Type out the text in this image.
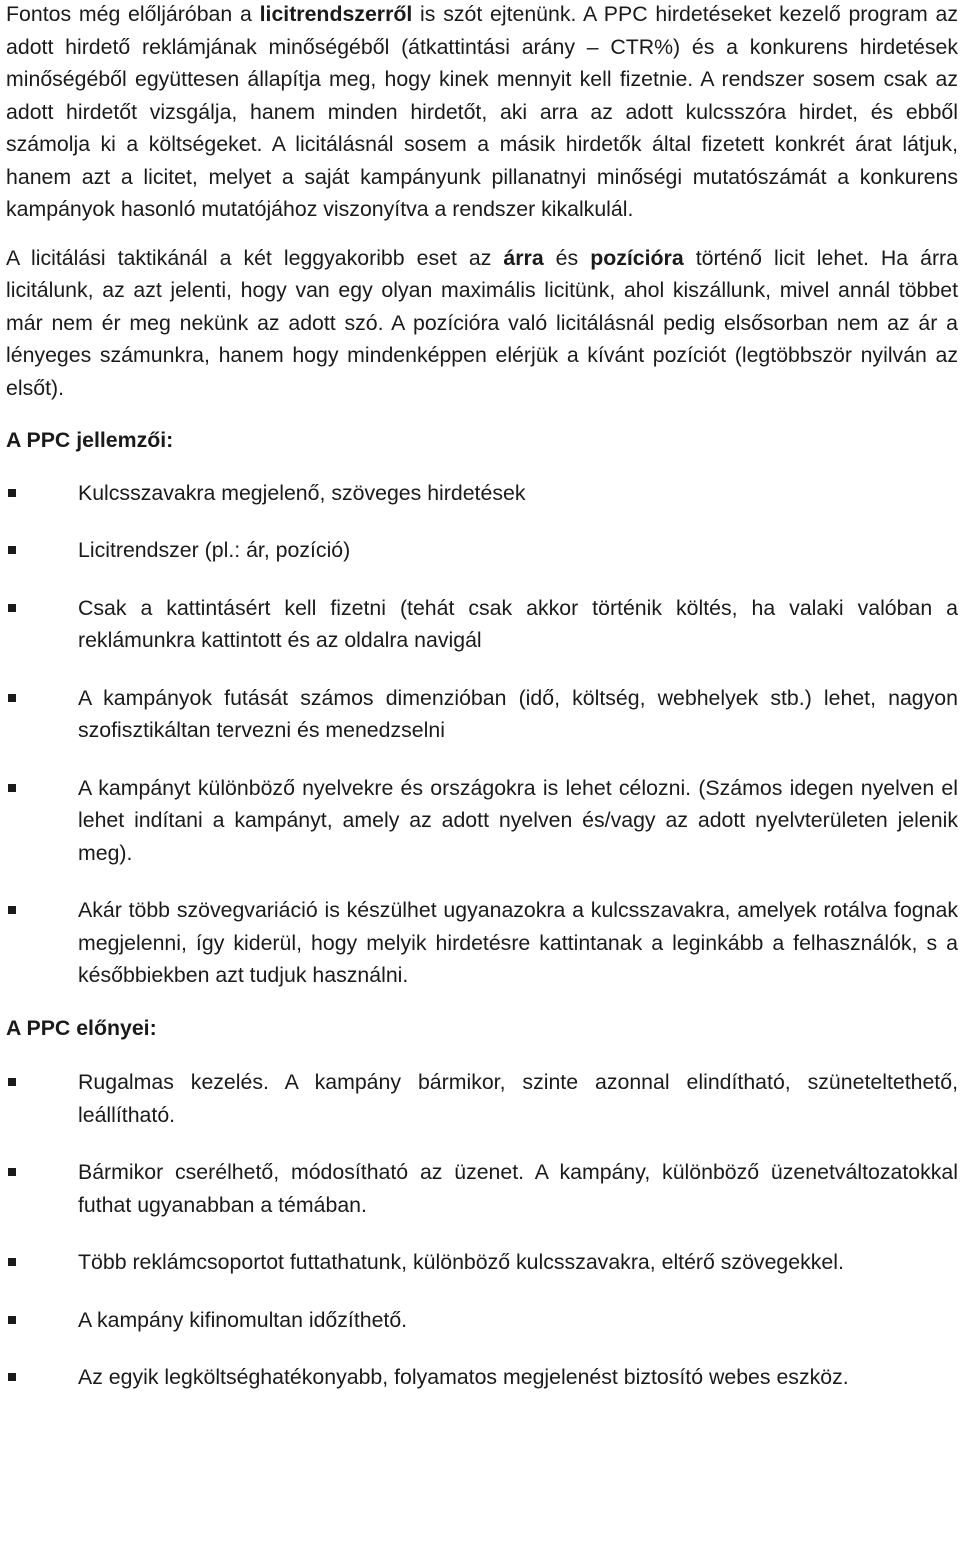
Fontos még előljáróban a licitrendszerről is szót ejtenünk. A PPC hirdetéseket kezelő program az adott hirdető reklámjának minőségéből (átkattintási arány – CTR%) és a konkurens hirdetések minőségéből együttesen állapítja meg, hogy kinek mennyit kell fizetnie. A rendszer sosem csak az adott hirdetőt vizsgálja, hanem minden hirdetőt, aki arra az adott kulcsszóra hirdet, és ebből számolja ki a költségeket. A licitálásnál sosem a másik hirdetők által fizetett konkrét árat látjuk, hanem azt a licitet, melyet a saját kampányunk pillanatnyi minőségi mutatószámát a konkurens kampányok hasonló mutatójához viszonyítva a rendszer kikalkulál.

A licitálási taktikánál a két leggyakoribb eset az árra és pozícióra történő licit lehet. Ha árra licitálunk, az azt jelenti, hogy van egy olyan maximális licitünk, ahol kiszállunk, mivel annál többet már nem ér meg nekünk az adott szó. A pozícióra való licitálásnál pedig elsősorban nem az ár a lényeges számunkra, hanem hogy mindenképpen elérjük a kívánt pozíciót (legtöbbször nyilván az elsőt).

A PPC jellemzői:

Kulcsszavakra megjelenő, szöveges hirdetések
Licitrendszer (pl.: ár, pozíció)
Csak a kattintásért kell fizetni (tehát csak akkor történik költés, ha valaki valóban a reklámunkra kattintott és az oldalra navigál
A kampányok futását számos dimenzióban (idő, költség, webhelyek stb.) lehet, nagyon szofisztikáltan tervezni és menedzselni
A kampányt különböző nyelvekre és országokra is lehet célozni. (Számos idegen nyelven el lehet indítani a kampányt, amely az adott nyelven és/vagy az adott nyelvterületen jelenik meg).
Akár több szövegvariáció is készülhet ugyanazokra a kulcsszavakra, amelyek rotálva fognak megjelenni, így kiderül, hogy melyik hirdetésre kattintanak a leginkább a felhasználók, s a későbbiekben azt tudjuk használni.

A PPC előnyei:

Rugalmas kezelés. A kampány bármikor, szinte azonnal elindítható, szüneteltethető, leállítható.
Bármikor cserélhető, módosítható az üzenet. A kampány, különböző üzenetváltozatokkal futhat ugyanabban a témában.
Több reklámcsoportot futtathatunk, különböző kulcsszavakra, eltérő szövegekkel.
A kampány kifinomultan időzíthető.
Az egyik legköltséghatékonyabb, folyamatos megjelenést biztosító webes eszköz.
